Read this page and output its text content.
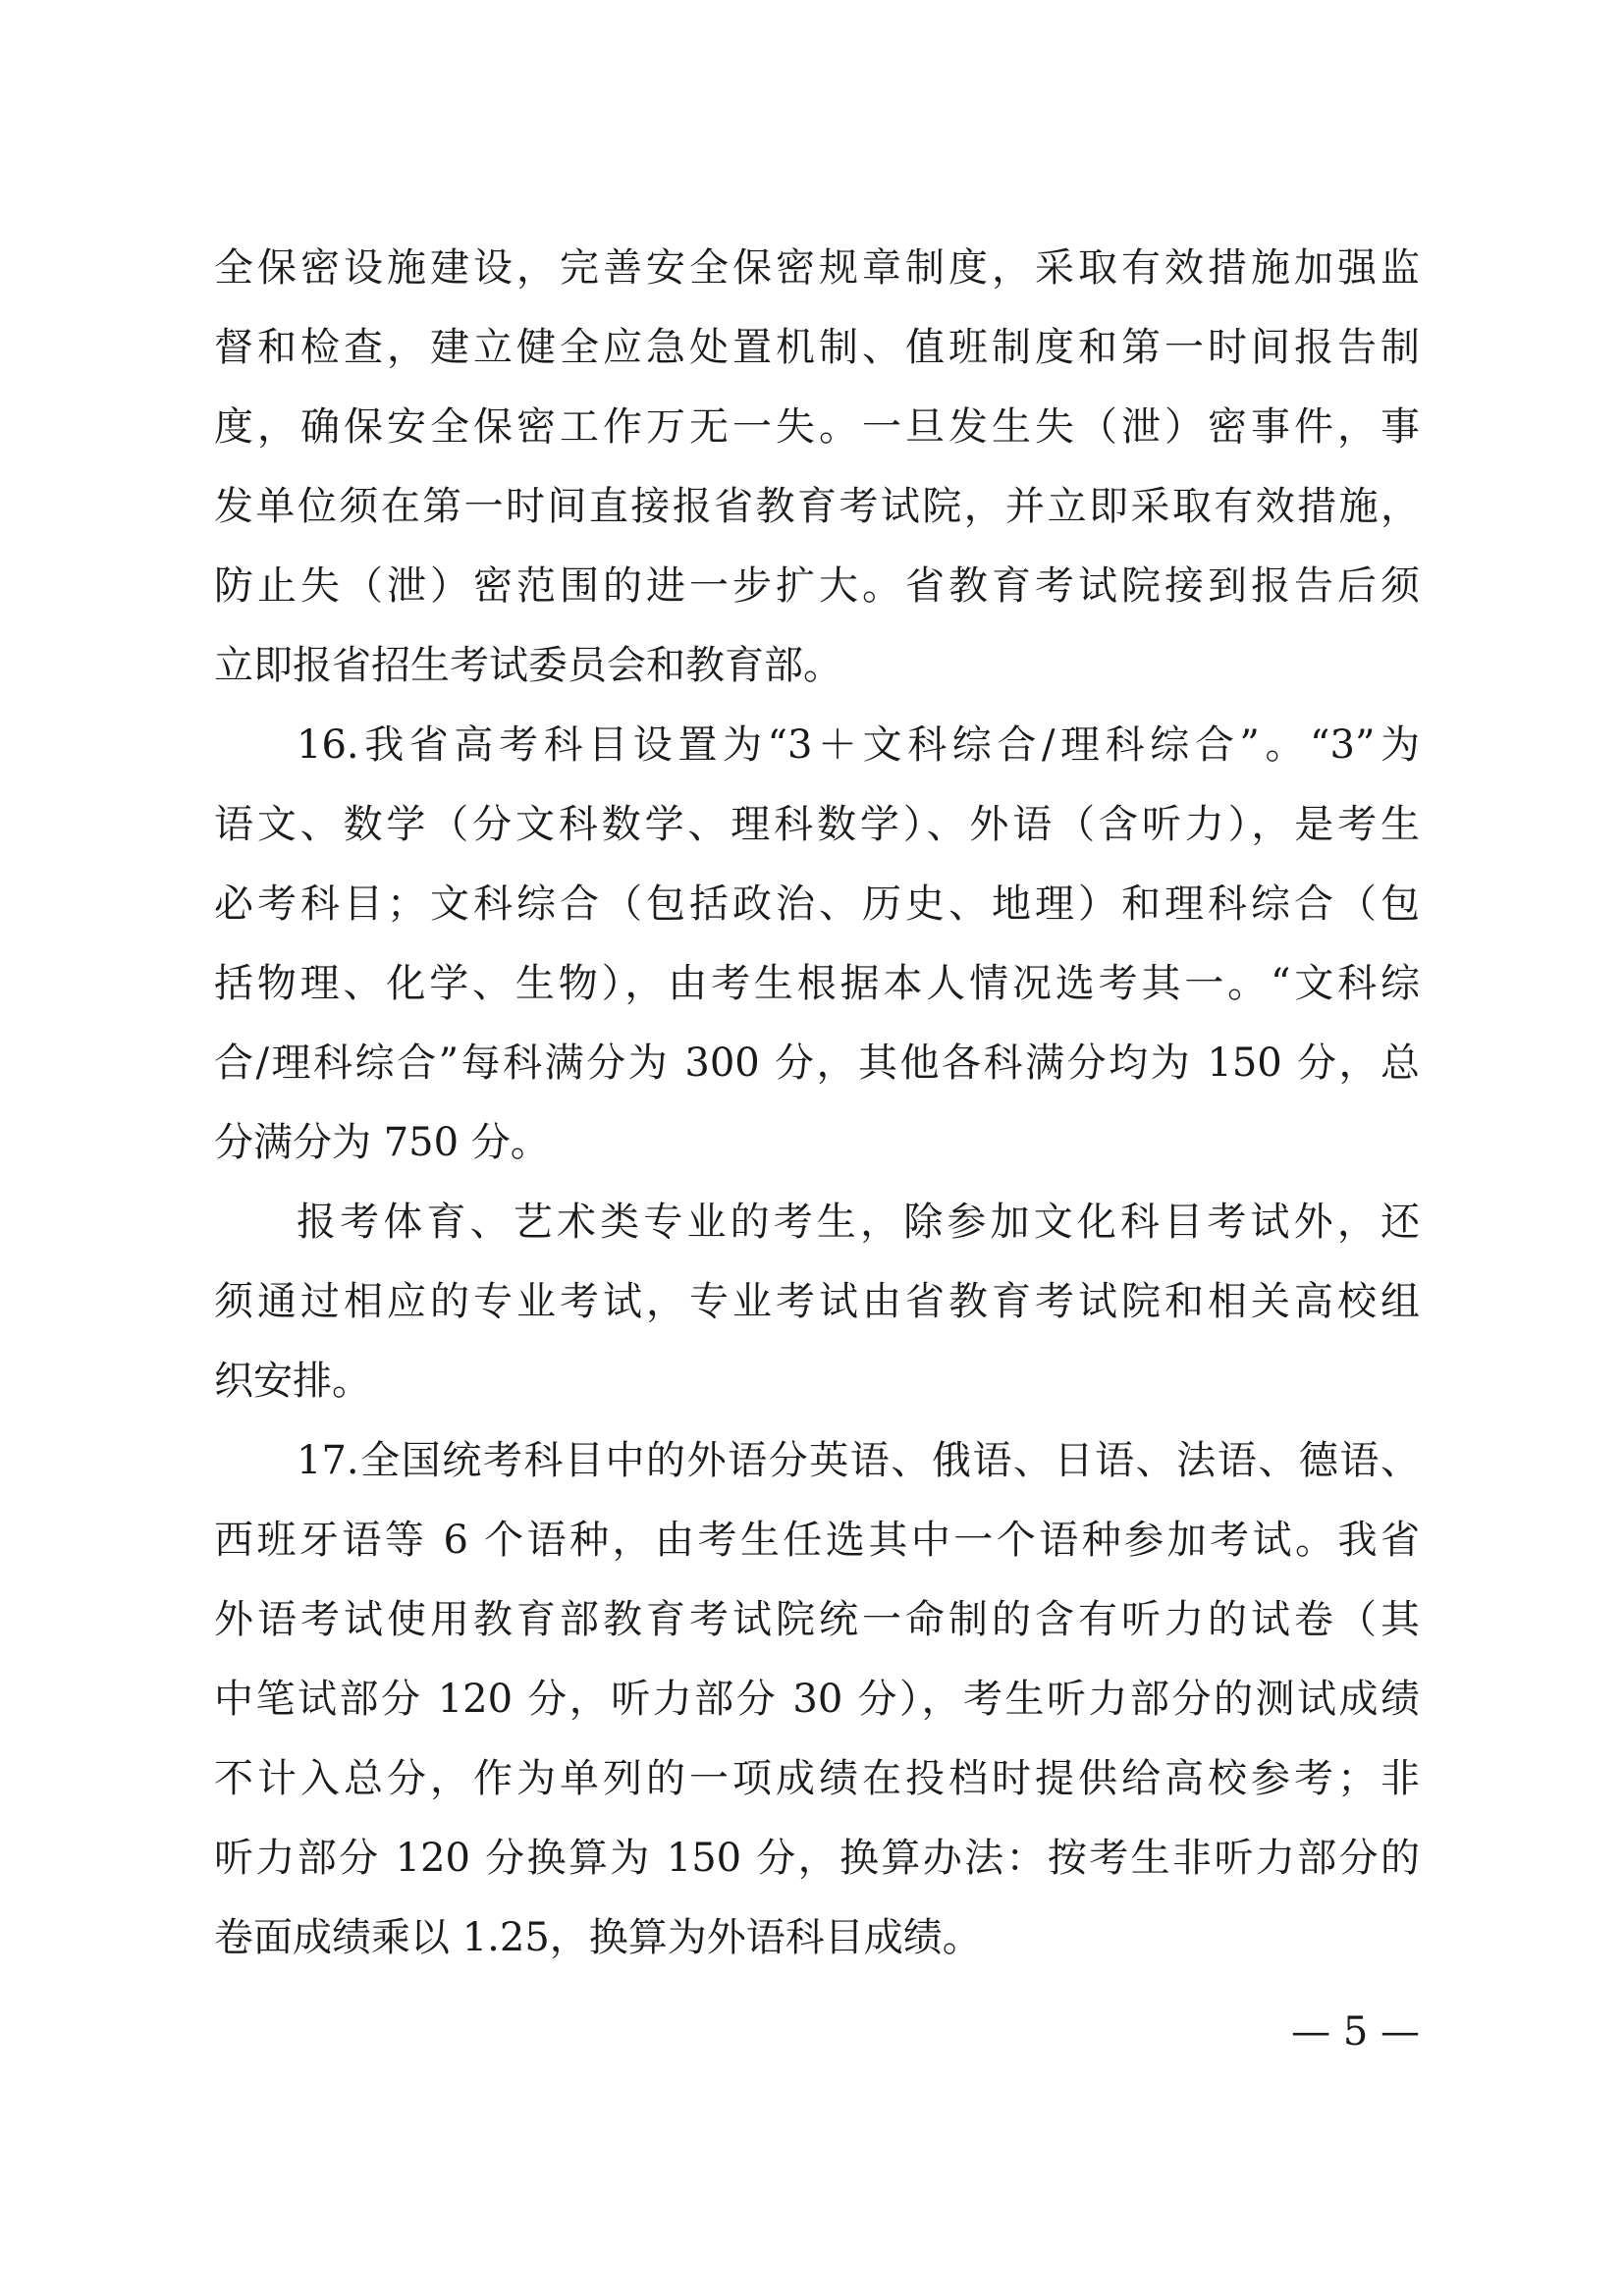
全保密设施建设，完善安全保密规章制度，采取有效措施加强监
督和检查，建立健全应急处置机制、值班制度和第一时间报告制
度，确保安全保密工作万无一失。一旦发生失（泄）密事件，事
发单位须在第一时间直接报省教育考试院，并立即采取有效措施，
防止失（泄）密范围的进一步扩大。省教育考试院接到报告后须
立即报省招生考试委员会和教育部。
16.我省高考科目设置为“3＋文科综合/理科综合”。“3”为
语文、数学（分文科数学、理科数学）、外语（含听力），是考生
必考科目；文科综合（包括政治、历史、地理）和理科综合（包
括物理、化学、生物），由考生根据本人情况选考其一。“文科综
合/理科综合”每科满分为 300 分，其他各科满分均为 150 分，总
分满分为 750 分。
报考体育、艺术类专业的考生，除参加文化科目考试外，还
须通过相应的专业考试，专业考试由省教育考试院和相关高校组
织安排。
17.全国统考科目中的外语分英语、俄语、日语、法语、德语、
西班牙语等 6 个语种，由考生任选其中一个语种参加考试。我省
外语考试使用教育部教育考试院统一命制的含有听力的试卷（其
中笔试部分 120 分，听力部分 30 分），考生听力部分的测试成绩
不计入总分，作为单列的一项成绩在投档时提供给高校参考；非
听力部分 120 分换算为 150 分，换算办法：按考生非听力部分的
卷面成绩乘以 1.25，换算为外语科目成绩。
— 5 —
